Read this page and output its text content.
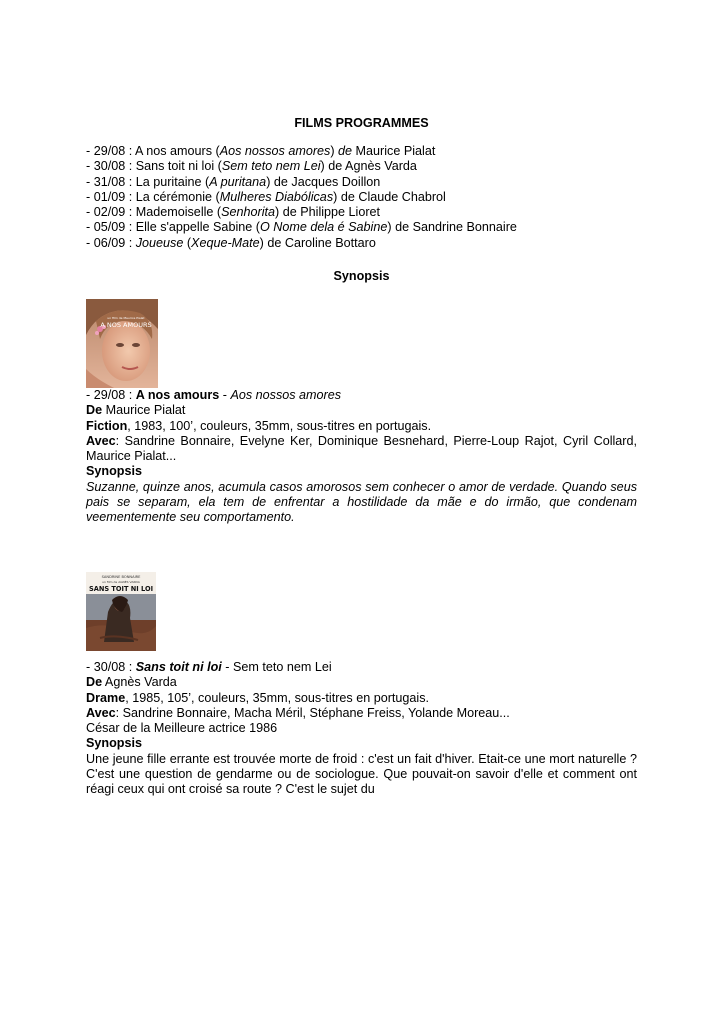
FILMS PROGRAMMES
- 29/08 : A nos amours (Aos nossos amores) de Maurice Pialat
- 30/08 : Sans toit ni loi (Sem teto nem Lei) de Agnès Varda
- 31/08 : La puritaine (A puritana) de Jacques Doillon
- 01/09 : La cérémonie (Mulheres Diabólicas) de Claude Chabrol
- 02/09 : Mademoiselle (Senhorita) de Philippe Lioret
- 05/09 : Elle s'appelle Sabine (O Nome dela é Sabine) de Sandrine Bonnaire
- 06/09 : Joueuse (Xeque-Mate) de Caroline Bottaro
Synopsis
A NOS AMOURS
un film de Maurice Pialat

- 29/08 : A nos amours - Aos nossos amores

De Maurice Pialat

Fiction, 1983, 100’, couleurs, 35mm, sous-titres en portugais.

Avec: Sandrine Bonnaire, Evelyne Ker, Dominique Besnehard, Pierre-Loup Rajot, Cyril Collard, Maurice Pialat...

Synopsis

Suzanne, quinze anos, acumula casos amorosos sem conhecer o amor de verdade. Quando seus pais se separam, ela tem de enfrentar a hostilidade da mãe e do irmão, que condenam veementemente seu comportamento.

SANDRINE BONNAIRE
un film de AGNÈS VARDA
SANS TOIT NI LOI

- 30/08 : Sans toit ni loi - Sem teto nem Lei

De Agnès Varda

Drame, 1985, 105’, couleurs, 35mm, sous-titres en portugais.

Avec: Sandrine Bonnaire, Macha Méril, Stéphane Freiss, Yolande Moreau...

César de la Meilleure actrice 1986

Synopsis

Une jeune fille errante est trouvée morte de froid : c'est un fait d'hiver. Etait-ce une mort naturelle ? C'est une question de gendarme ou de sociologue. Que pouvait-on savoir d'elle et comment ont réagi ceux qui ont croisé sa route ? C'est le sujet du
